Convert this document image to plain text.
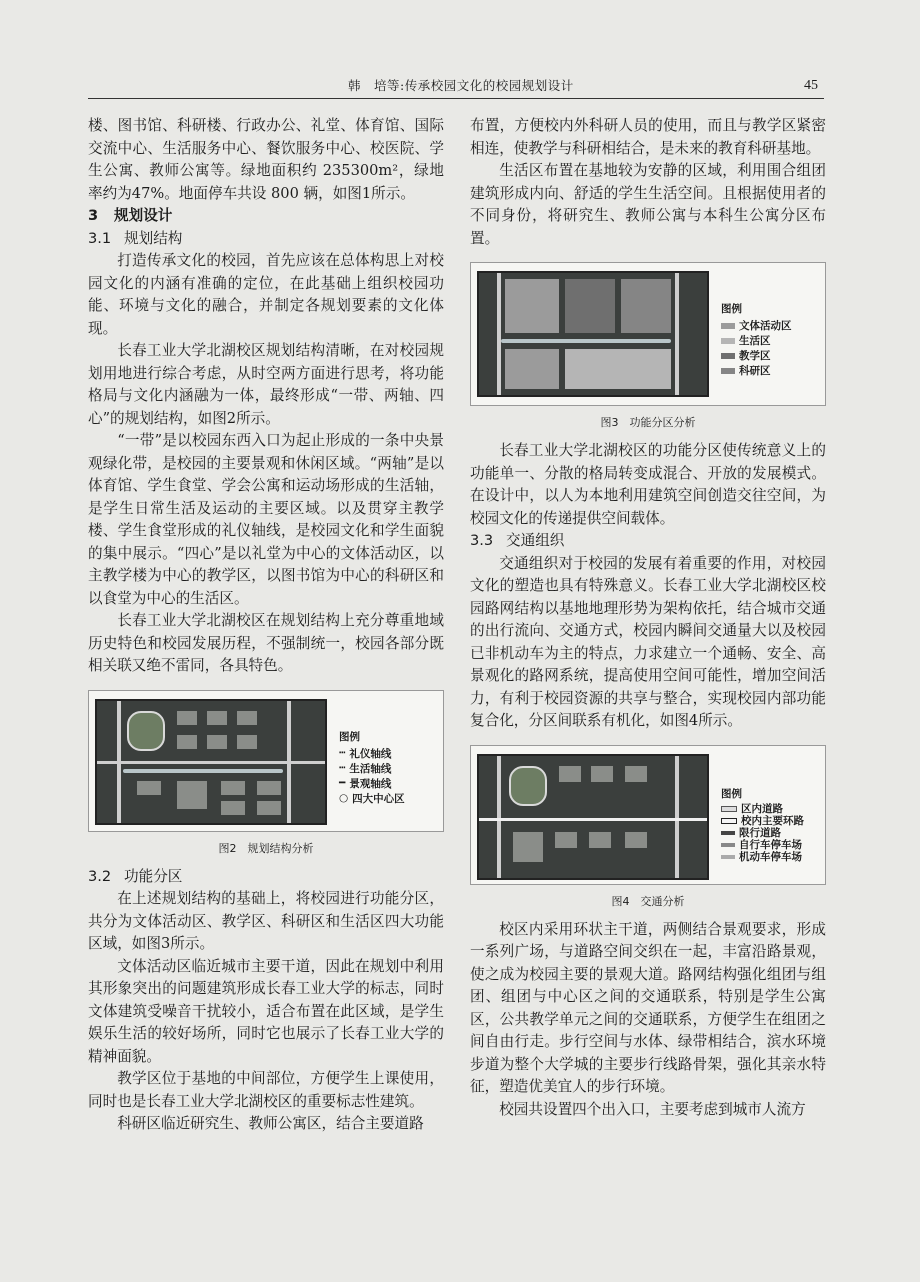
韩　培等:传承校园文化的校园规划设计	45

楼、图书馆、科研楼、行政办公、礼堂、体育馆、国际交流中心、生活服务中心、餐饮服务中心、校医院、学生公寓、教师公寓等。绿地面积约 235300m²，绿地率约为47%。地面停车共设 800 辆，如图1所示。

3 规划设计
3.1 规划结构

打造传承文化的校园，首先应该在总体构思上对校园文化的内涵有准确的定位，在此基础上组织校园功能、环境与文化的融合，并制定各规划要素的文化体现。

长春工业大学北湖校区规划结构清晰，在对校园规划用地进行综合考虑，从时空两方面进行思考，将功能格局与文化内涵融为一体，最终形成“一带、两轴、四心”的规划结构，如图2所示。

“一带”是以校园东西入口为起止形成的一条中央景观绿化带，是校园的主要景观和休闲区域。“两轴”是以体育馆、学生食堂、学会公寓和运动场形成的生活轴，是学生日常生活及运动的主要区域。以及贯穿主教学楼、学生食堂形成的礼仪轴线，是校园文化和学生面貌的集中展示。“四心”是以礼堂为中心的文体活动区，以主教学楼为中心的教学区，以图书馆为中心的科研区和以食堂为中心的生活区。

长春工业大学北湖校区在规划结构上充分尊重地域历史特色和校园发展历程，不强制统一，校园各部分既相关联又绝不雷同，各具特色。

图例
┅ 礼仪轴线
┅ 生活轴线
━ 景观轴线
○ 四大中心区
图2　规划结构分析
3.2 功能分区

在上述规划结构的基础上，将校园进行功能分区，共分为文体活动区、教学区、科研区和生活区四大功能区域，如图3所示。

文体活动区临近城市主要干道，因此在规划中利用其形象突出的问题建筑形成长春工业大学的标志，同时文体建筑受噪音干扰较小，适合布置在此区域，是学生娱乐生活的较好场所，同时它也展示了长春工业大学的精神面貌。

教学区位于基地的中间部位，方便学生上课使用，同时也是长春工业大学北湖校区的重要标志性建筑。

科研区临近研究生、教师公寓区，结合主要道路

布置，方便校内外科研人员的使用，而且与教学区紧密相连，使教学与科研相结合，是未来的教育科研基地。

生活区布置在基地较为安静的区域，利用围合组团建筑形成内向、舒适的学生生活空间。且根据使用者的不同身份，将研究生、教师公寓与本科生公寓分区布置。

图例
文体活动区
生活区
教学区
科研区
图3　功能分区分析

长春工业大学北湖校区的功能分区使传统意义上的功能单一、分散的格局转变成混合、开放的发展模式。在设计中，以人为本地利用建筑空间创造交往空间，为校园文化的传递提供空间载体。

3.3 交通组织

交通组织对于校园的发展有着重要的作用，对校园文化的塑造也具有特殊意义。长春工业大学北湖校区校园路网结构以基地地理形势为架构依托，结合城市交通的出行流向、交通方式，校园内瞬间交通量大以及校园已非机动车为主的特点，力求建立一个通畅、安全、高景观化的路网系统，提高使用空间可能性，增加空间活力，有利于校园资源的共享与整合，实现校园内部功能复合化，分区间联系有机化，如图4所示。

图例
区内道路
校内主要环路
限行道路
自行车停车场
机动车停车场
图4　交通分析

校区内采用环状主干道，两侧结合景观要求，形成一系列广场，与道路空间交织在一起，丰富沿路景观，使之成为校园主要的景观大道。路网结构强化组团与组团、组团与中心区之间的交通联系，特别是学生公寓区，公共教学单元之间的交通联系，方便学生在组团之间自由行走。步行空间与水体、绿带相结合，滨水环境步道为整个大学城的主要步行线路骨架，强化其亲水特征，塑造优美宜人的步行环境。

校园共设置四个出入口，主要考虑到城市人流方
